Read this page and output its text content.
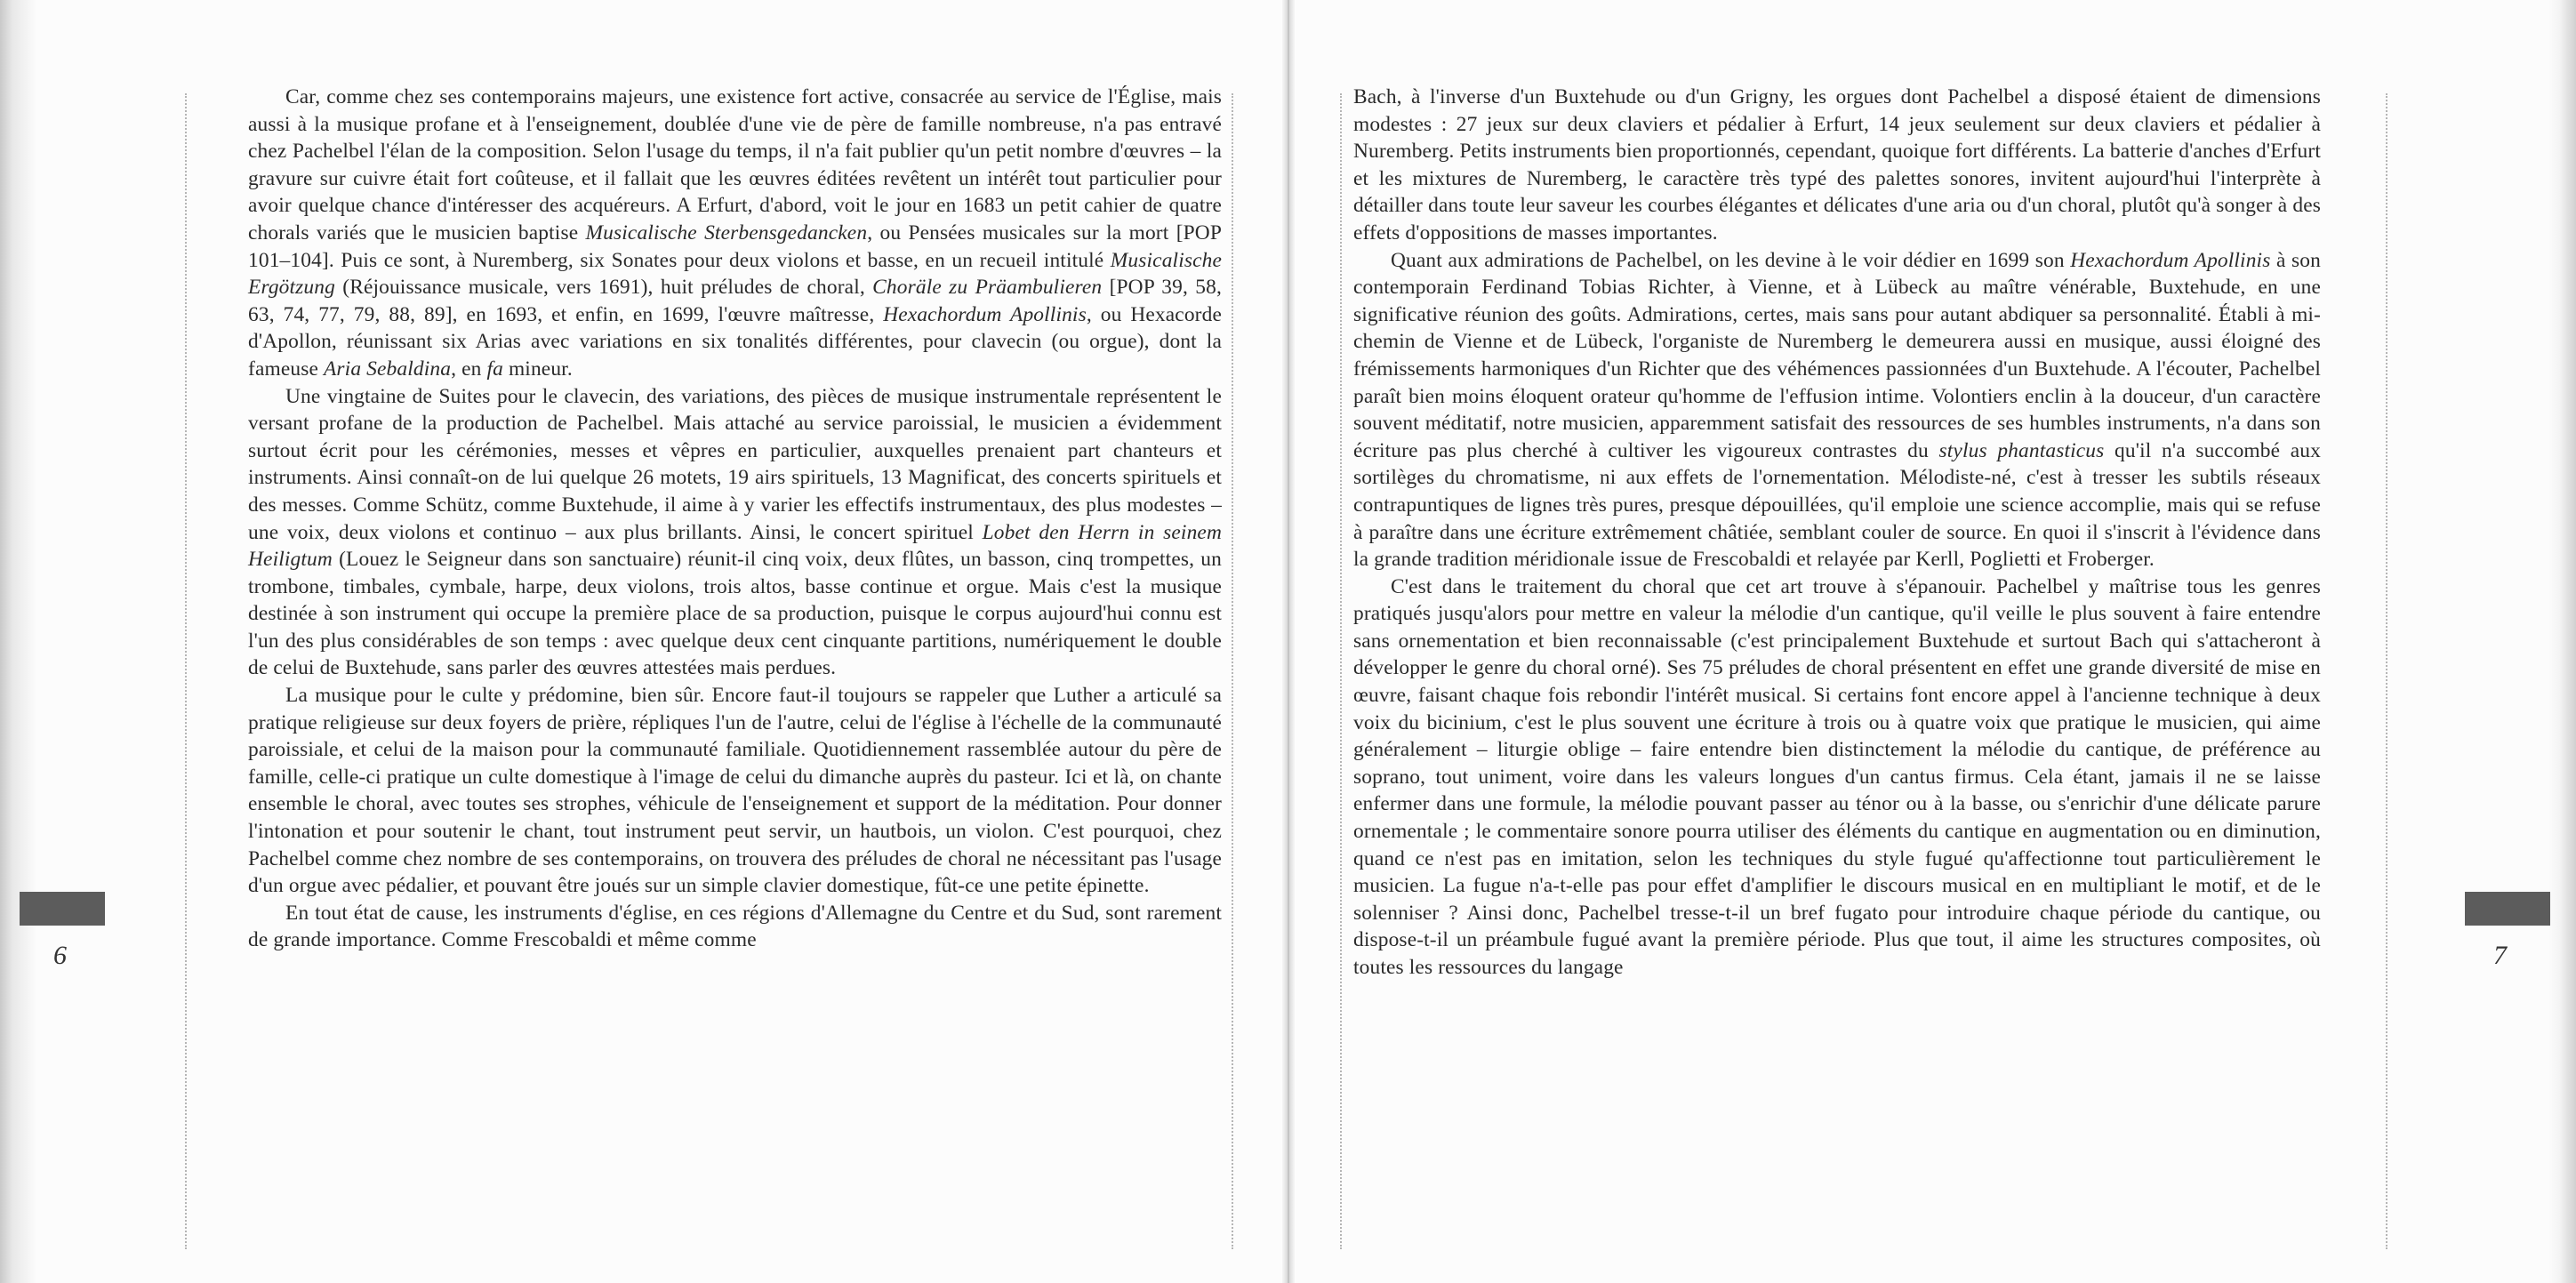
6

Car, comme chez ses contemporains majeurs, une existence fort active, consacrée au service de l'Église, mais aussi à la musique profane et à l'enseignement, doublée d'une vie de père de famille nombreuse, n'a pas entravé chez Pachelbel l'élan de la composition. Selon l'usage du temps, il n'a fait publier qu'un petit nombre d'œuvres – la gravure sur cuivre était fort coûteuse, et il fallait que les œuvres éditées revêtent un intérêt tout particulier pour avoir quelque chance d'intéresser des acquéreurs. A Erfurt, d'abord, voit le jour en 1683 un petit cahier de quatre chorals variés que le musicien baptise Musicalische Sterbensgedancken, ou Pensées musicales sur la mort [POP 101–104]. Puis ce sont, à Nuremberg, six Sonates pour deux violons et basse, en un recueil intitulé Musicalische Ergötzung (Réjouissance musicale, vers 1691), huit préludes de choral, Choräle zu Präambulieren [POP 39, 58, 63, 74, 77, 79, 88, 89], en 1693, et enfin, en 1699, l'œuvre maîtresse, Hexachordum Apollinis, ou Hexacorde d'Apollon, réunissant six Arias avec variations en six tonalités différentes, pour clavecin (ou orgue), dont la fameuse Aria Sebaldina, en fa mineur.

Une vingtaine de Suites pour le clavecin, des variations, des pièces de musique instrumentale représentent le versant profane de la production de Pachelbel. Mais attaché au service paroissial, le musicien a évidemment surtout écrit pour les cérémonies, messes et vêpres en particulier, auxquelles prenaient part chanteurs et instruments. Ainsi connaît-on de lui quelque 26 motets, 19 airs spirituels, 13 Magnificat, des concerts spirituels et des messes. Comme Schütz, comme Buxtehude, il aime à y varier les effectifs instrumentaux, des plus modestes – une voix, deux violons et continuo – aux plus brillants. Ainsi, le concert spirituel Lobet den Herrn in seinem Heiligtum (Louez le Seigneur dans son sanctuaire) réunit-il cinq voix, deux flûtes, un basson, cinq trompettes, un trombone, timbales, cymbale, harpe, deux violons, trois altos, basse continue et orgue. Mais c'est la musique destinée à son instrument qui occupe la première place de sa production, puisque le corpus aujourd'hui connu est l'un des plus considérables de son temps : avec quelque deux cent cinquante partitions, numériquement le double de celui de Buxtehude, sans parler des œuvres attestées mais perdues.

La musique pour le culte y prédomine, bien sûr. Encore faut-il toujours se rappeler que Luther a articulé sa pratique religieuse sur deux foyers de prière, répliques l'un de l'autre, celui de l'église à l'échelle de la communauté paroissiale, et celui de la maison pour la communauté familiale. Quotidiennement rassemblée autour du père de famille, celle-ci pratique un culte domestique à l'image de celui du dimanche auprès du pasteur. Ici et là, on chante ensemble le choral, avec toutes ses strophes, véhicule de l'enseignement et support de la méditation. Pour donner l'intonation et pour soutenir le chant, tout instrument peut servir, un hautbois, un violon. C'est pourquoi, chez Pachelbel comme chez nombre de ses contemporains, on trouvera des préludes de choral ne nécessitant pas l'usage d'un orgue avec pédalier, et pouvant être joués sur un simple clavier domestique, fût-ce une petite épinette.

En tout état de cause, les instruments d'église, en ces régions d'Allemagne du Centre et du Sud, sont rarement de grande importance. Comme Frescobaldi et même comme

7

Bach, à l'inverse d'un Buxtehude ou d'un Grigny, les orgues dont Pachelbel a disposé étaient de dimensions modestes : 27 jeux sur deux claviers et pédalier à Erfurt, 14 jeux seulement sur deux claviers et pédalier à Nuremberg. Petits instruments bien proportionnés, cependant, quoique fort différents. La batterie d'anches d'Erfurt et les mixtures de Nuremberg, le caractère très typé des palettes sonores, invitent aujourd'hui l'interprète à détailler dans toute leur saveur les courbes élégantes et délicates d'une aria ou d'un choral, plutôt qu'à songer à des effets d'oppositions de masses importantes.

Quant aux admirations de Pachelbel, on les devine à le voir dédier en 1699 son Hexachordum Apollinis à son contemporain Ferdinand Tobias Richter, à Vienne, et à Lübeck au maître vénérable, Buxtehude, en une significative réunion des goûts. Admirations, certes, mais sans pour autant abdiquer sa personnalité. Établi à mi-chemin de Vienne et de Lübeck, l'organiste de Nuremberg le demeurera aussi en musique, aussi éloigné des frémissements harmoniques d'un Richter que des véhémences passionnées d'un Buxtehude. A l'écouter, Pachelbel paraît bien moins éloquent orateur qu'homme de l'effusion intime. Volontiers enclin à la douceur, d'un caractère souvent méditatif, notre musicien, apparemment satisfait des ressources de ses humbles instruments, n'a dans son écriture pas plus cherché à cultiver les vigoureux contrastes du stylus phantasticus qu'il n'a succombé aux sortilèges du chromatisme, ni aux effets de l'ornementation. Mélodiste-né, c'est à tresser les subtils réseaux contrapuntiques de lignes très pures, presque dépouillées, qu'il emploie une science accomplie, mais qui se refuse à paraître dans une écriture extrêmement châtiée, semblant couler de source. En quoi il s'inscrit à l'évidence dans la grande tradition méridionale issue de Frescobaldi et relayée par Kerll, Poglietti et Froberger.

C'est dans le traitement du choral que cet art trouve à s'épanouir. Pachelbel y maîtrise tous les genres pratiqués jusqu'alors pour mettre en valeur la mélodie d'un cantique, qu'il veille le plus souvent à faire entendre sans ornementation et bien reconnaissable (c'est principalement Buxtehude et surtout Bach qui s'attacheront à développer le genre du choral orné). Ses 75 préludes de choral présentent en effet une grande diversité de mise en œuvre, faisant chaque fois rebondir l'intérêt musical. Si certains font encore appel à l'ancienne technique à deux voix du bicinium, c'est le plus souvent une écriture à trois ou à quatre voix que pratique le musicien, qui aime généralement – liturgie oblige – faire entendre bien distinctement la mélodie du cantique, de préférence au soprano, tout uniment, voire dans les valeurs longues d'un cantus firmus. Cela étant, jamais il ne se laisse enfermer dans une formule, la mélodie pouvant passer au ténor ou à la basse, ou s'enrichir d'une délicate parure ornementale ; le commentaire sonore pourra utiliser des éléments du cantique en augmentation ou en diminution, quand ce n'est pas en imitation, selon les techniques du style fugué qu'affectionne tout particulièrement le musicien. La fugue n'a-t-elle pas pour effet d'amplifier le discours musical en en multipliant le motif, et de le solenniser ? Ainsi donc, Pachelbel tresse-t-il un bref fugato pour introduire chaque période du cantique, ou dispose-t-il un préambule fugué avant la première période. Plus que tout, il aime les structures composites, où toutes les ressources du langage
